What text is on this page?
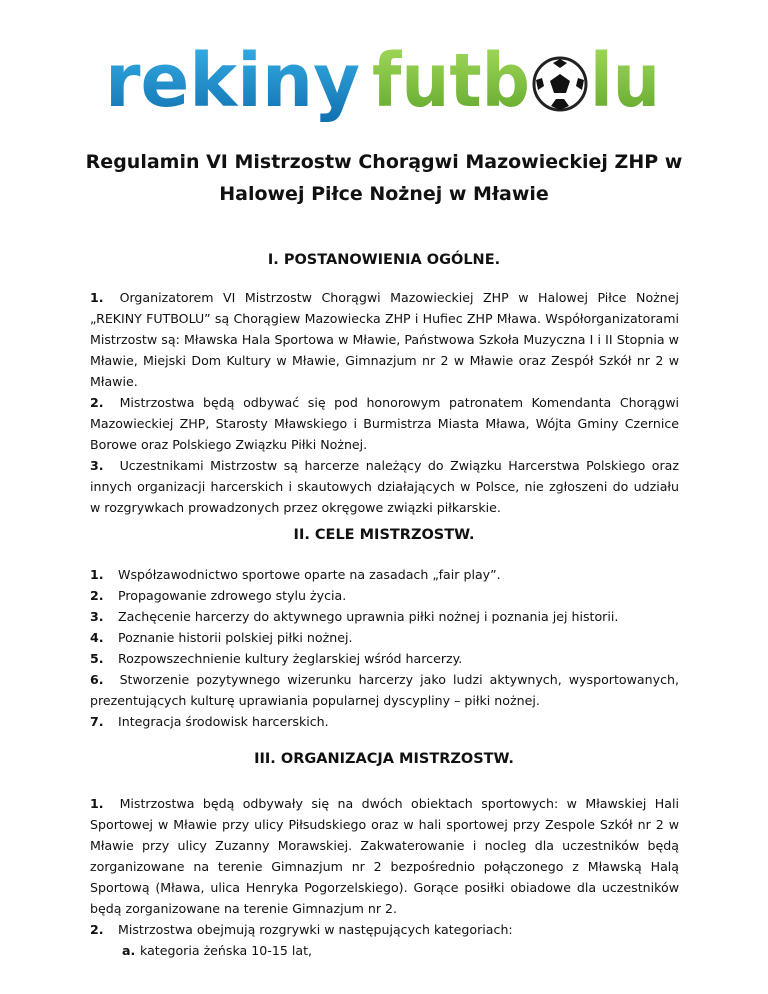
rekiny futb lu
Regulamin VI Mistrzostw Chorągwi Mazowieckiej ZHP w
Halowej Piłce Nożnej w Mławie
I. POSTANOWIENIA OGÓLNE.
1. Organizatorem VI Mistrzostw Chorągwi Mazowieckiej ZHP w Halowej Piłce Nożnej „REKINY FUTBOLU” są Chorągiew Mazowiecka ZHP i Hufiec ZHP Mława. Współorganizatorami Mistrzostw są: Mławska Hala Sportowa w Mławie, Państwowa Szkoła Muzyczna I i II Stopnia w Mławie, Miejski Dom Kultury w Mławie, Gimnazjum nr 2 w Mławie oraz Zespół Szkół nr 2 w Mławie.
2. Mistrzostwa będą odbywać się pod honorowym patronatem Komendanta Chorągwi Mazowieckiej ZHP, Starosty Mławskiego i Burmistrza Miasta Mława, Wójta Gminy Czernice Borowe oraz Polskiego Związku Piłki Nożnej.
3. Uczestnikami Mistrzostw są harcerze należący do Związku Harcerstwa Polskiego oraz innych organizacji harcerskich i skautowych działających w Polsce, nie zgłoszeni do udziału w rozgrywkach prowadzonych przez okręgowe związki piłkarskie.
II. CELE MISTRZOSTW.
1.	Współzawodnictwo sportowe oparte na zasadach „fair play”.
2.	Propagowanie zdrowego stylu życia.
3.	Zachęcenie harcerzy do aktywnego uprawnia piłki nożnej i poznania jej historii.
4.	Poznanie historii polskiej piłki nożnej.
5.	Rozpowszechnienie kultury żeglarskiej wśród harcerzy.
6. Stworzenie pozytywnego wizerunku harcerzy jako ludzi aktywnych, wysportowanych, prezentujących kulturę uprawiania popularnej dyscypliny – piłki nożnej.
7.	Integracja środowisk harcerskich.
III. ORGANIZACJA MISTRZOSTW.
1. Mistrzostwa będą odbywały się na dwóch obiektach sportowych: w Mławskiej Hali Sportowej w Mławie przy ulicy Piłsudskiego oraz w hali sportowej przy Zespole Szkół nr 2 w Mławie przy ulicy Zuzanny Morawskiej. Zakwaterowanie i nocleg dla uczestników będą zorganizowane na terenie Gimnazjum nr 2 bezpośrednio połączonego z Mławską Halą Sportową (Mława, ulica Henryka Pogorzelskiego). Gorące posiłki obiadowe dla uczestników będą zorganizowane na terenie Gimnazjum nr 2.
2.	Mistrzostwa obejmują rozgrywki w następujących kategoriach:
a. kategoria żeńska 10-15 lat,
